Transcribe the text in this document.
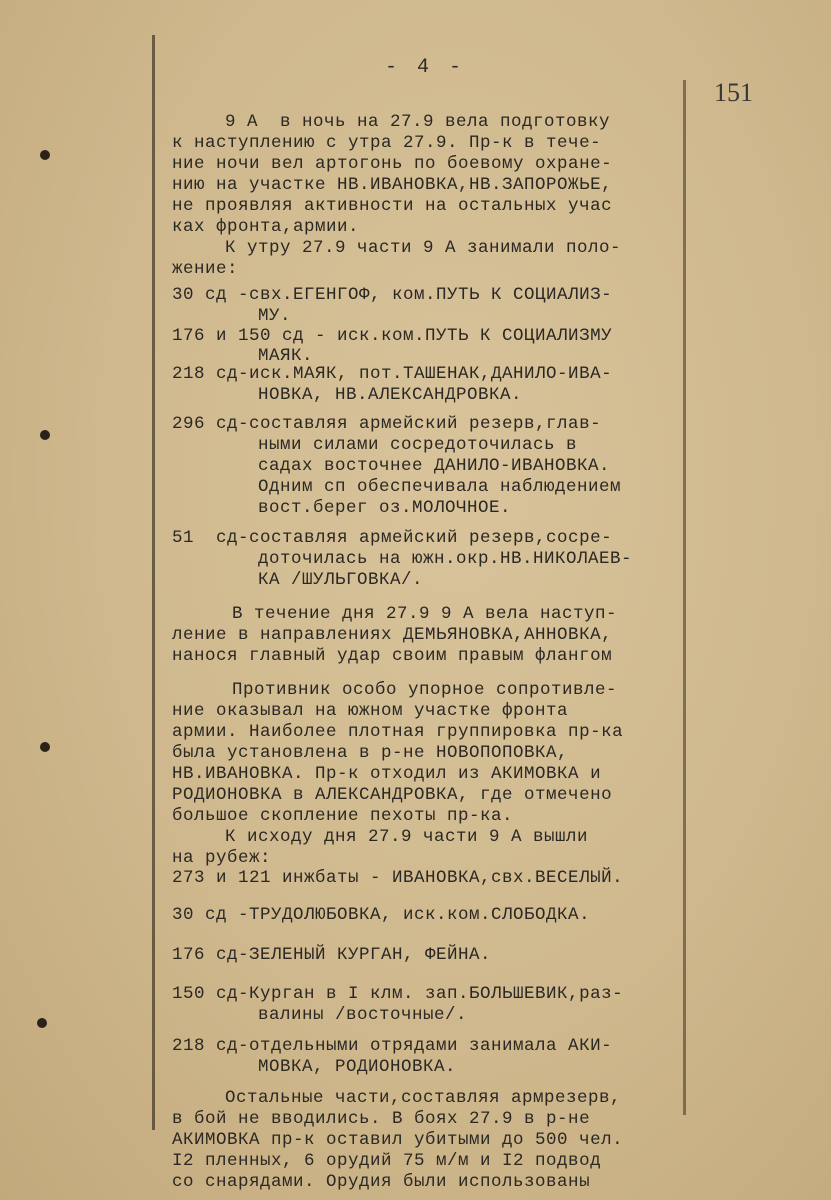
- 4 -
151
9 А  в ночь на 27.9 вела подготовку
к наступлению с утра 27.9. Пр-к в тече-
ние ночи вел артогонь по боевому охране-
нию на участке НВ.ИВАНОВКА,НВ.ЗАПОРОЖЬЕ,
не проявляя активности на остальных учас
ках фронта,армии.
К утру 27.9 части 9 А занимали поло-
жение:
30 сд -свх.ЕГЕНГОФ, ком.ПУТЬ К СОЦИАЛИЗ-
МУ.
176 и 150 сд - иск.ком.ПУТЬ К СОЦИАЛИЗМУ
МАЯК.
218 сд-иск.МАЯК, пот.ТАШЕНАК,ДАНИЛО-ИВА-
НОВКА, НВ.АЛЕКСАНДРОВКА.
296 сд-составляя армейский резерв,глав-
ными силами сосредоточилась в
садах восточнее ДАНИЛО-ИВАНОВКА.
Одним сп обеспечивала наблюдением
вост.берег оз.МОЛОЧНОЕ.
51  сд-составляя армейский резерв,сосре-
доточилась на южн.окр.НВ.НИКОЛАЕВ-
КА /ШУЛЬГОВКА/.
В течение дня 27.9 9 А вела наступ-
ление в направлениях ДЕМЬЯНОВКА,АННОВКА,
нанося главный удар своим правым флангом
Противник особо упорное сопротивле-
ние оказывал на южном участке фронта
армии. Наиболее плотная группировка пр-ка
была установлена в р-не НОВОПОПОВКА,
НВ.ИВАНОВКА. Пр-к отходил из АКИМОВКА и
РОДИОНОВКА в АЛЕКСАНДРОВКА, где отмечено
большое скопление пехоты пр-ка.
К исходу дня 27.9 части 9 А вышли
на рубеж:
273 и 121 инжбаты - ИВАНОВКА,свх.ВЕСЕЛЫЙ.
30 сд -ТРУДОЛЮБОВКА, иск.ком.СЛОБОДКА.
176 сд-ЗЕЛЕНЫЙ КУРГАН, ФЕЙНА.
150 сд-Курган в I клм. зап.БОЛЬШЕВИК,раз-
валины /восточные/.
218 сд-отдельными отрядами занимала АКИ-
МОВКА, РОДИОНОВКА.
Остальные части,составляя армрезерв,
в бой не вводились. В боях 27.9 в р-не
АКИМОВКА пр-к оставил убитыми до 500 чел.
I2 пленных, 6 орудий 75 м/м и I2 подвод
со снарядами. Орудия были использованы
